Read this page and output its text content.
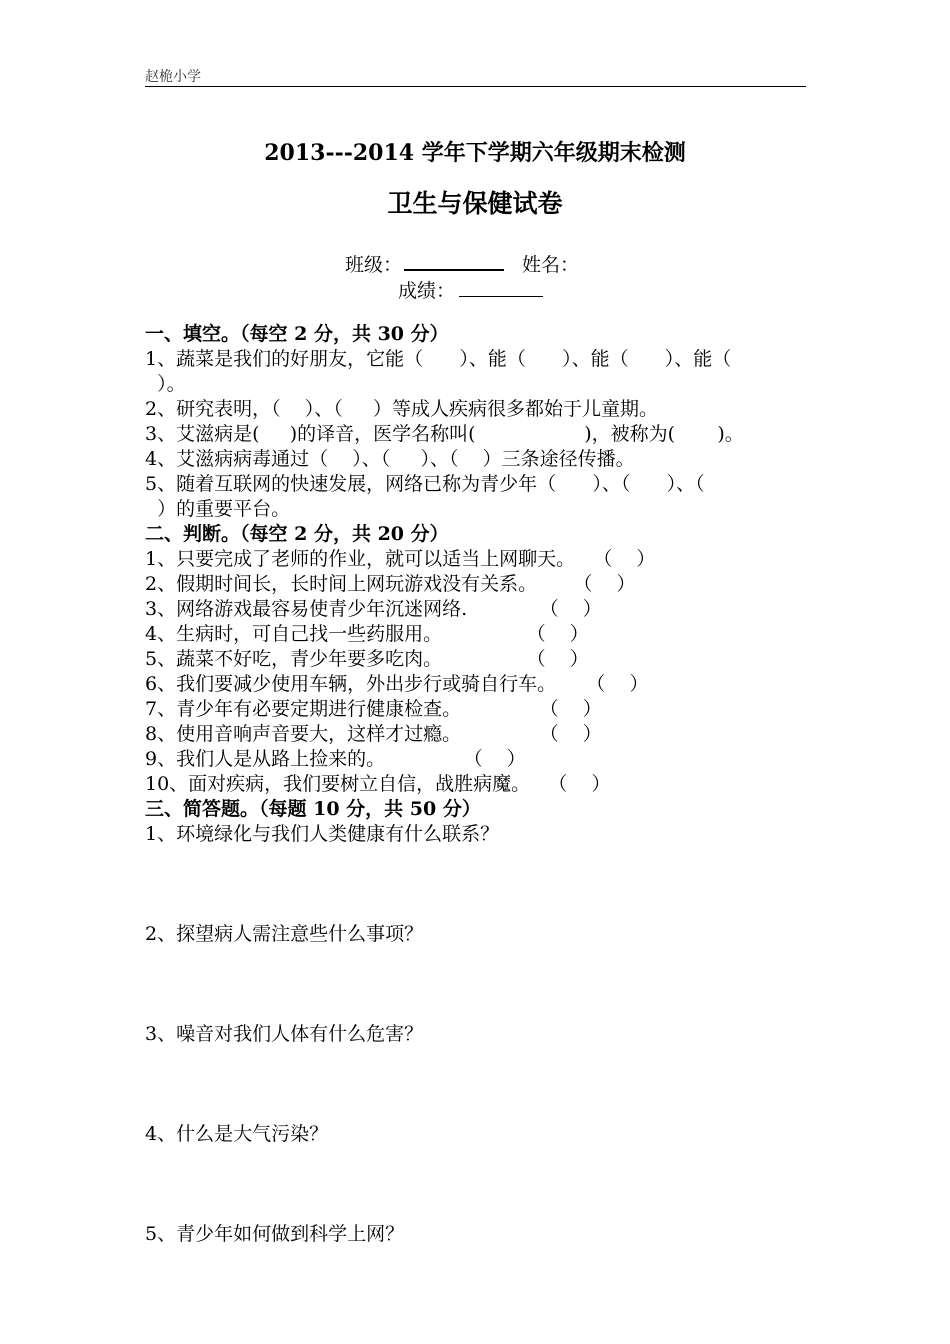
赵桅小学
2013---2014 学年下学期六年级期末检测
卫生与保健试卷
班级：	姓名：
成绩：
一、填空。（每空 2 分，共 30 分）
1、蔬菜是我们的好朋友，它能（      ）、能（      ）、能（      ）、能（
）。
2、研究表明，（    ）、（     ）等成人疾病很多都始于儿童期。
3、艾滋病是(     )的译音，医学名称叫(                  )，被称为(       )。
4、艾滋病病毒通过（    ）、（     ）、（    ）三条途径传播。
5、随着互联网的快速发展，网络已称为青少年（      ）、（      ）、（
）的重要平台。
二、判断。（每空 2 分，共 20 分）
1、只要完成了老师的作业，就可以适当上网聊天。   （    ）
2、假期时间长，长时间上网玩游戏没有关系。      （    ）
3、网络游戏最容易使青少年沉迷网络.            （    ）
4、生病时，可自己找一些药服用。              （    ）
5、蔬菜不好吃，青少年要多吃肉。              （    ）
6、我们要减少使用车辆，外出步行或骑自行车。     （    ）
7、青少年有必要定期进行健康检查。             （    ）
8、使用音响声音要大，这样才过瘾。             （    ）
9、我们人是从路上捡来的。             （    ）
10、面对疾病，我们要树立自信，战胜病魔。   （    ）
三、简答题。（每题 10 分，共 50 分）
1、环境绿化与我们人类健康有什么联系？
2、探望病人需注意些什么事项？
3、噪音对我们人体有什么危害？
4、什么是大气污染？
5、青少年如何做到科学上网？
